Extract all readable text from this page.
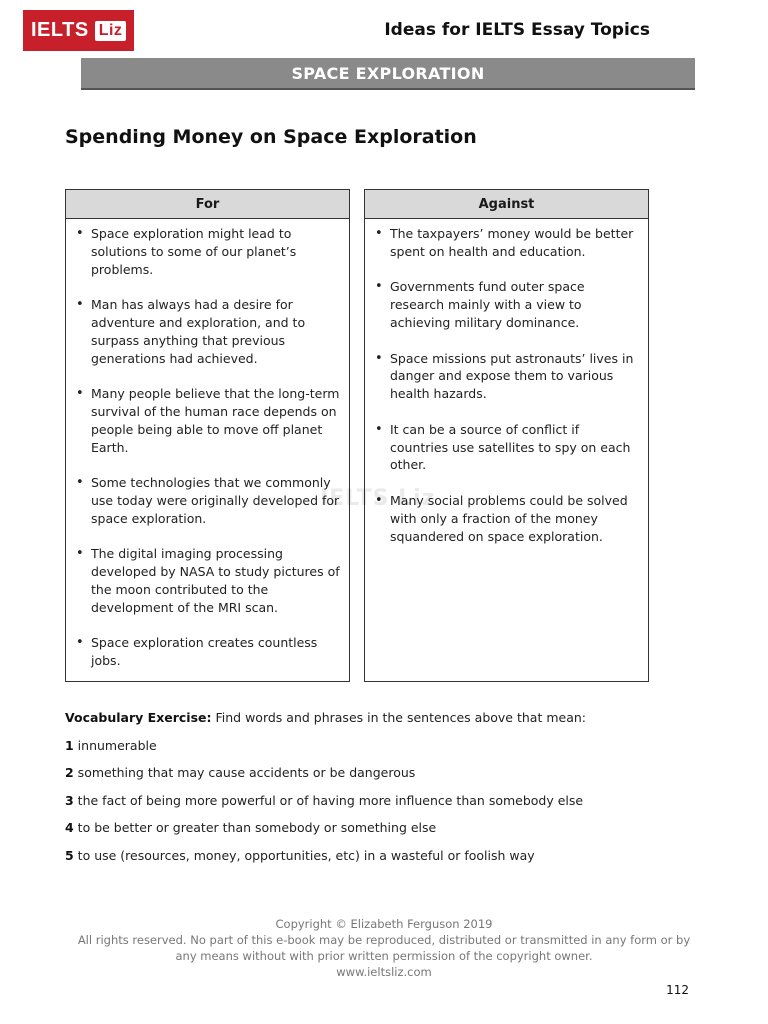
IELTS Liz	Ideas for IELTS Essay Topics
SPACE EXPLORATION
Spending Money on Space Exploration
For
• Space exploration might lead to solutions to some of our planet’s problems.
• Man has always had a desire for adventure and exploration, and to surpass anything that previous generations had achieved.
• Many people believe that the long-term survival of the human race depends on people being able to move off planet Earth.
• Some technologies that we commonly use today were originally developed for space exploration.
• The digital imaging processing developed by NASA to study pictures of the moon contributed to the development of the MRI scan.
• Space exploration creates countless jobs.
Against
• The taxpayers’ money would be better spent on health and education.
• Governments fund outer space research mainly with a view to achieving military dominance.
• Space missions put astronauts’ lives in danger and expose them to various health hazards.
• It can be a source of conflict if countries use satellites to spy on each other.
• Many social problems could be solved with only a fraction of the money squandered on space exploration.
IELTS Liz

Vocabulary Exercise: Find words and phrases in the sentences above that mean:

1 innumerable

2 something that may cause accidents or be dangerous

3 the fact of being more powerful or of having more influence than somebody else

4 to be better or greater than somebody or something else

5 to use (resources, money, opportunities, etc) in a wasteful or foolish way

Copyright © Elizabeth Ferguson 2019
All rights reserved. No part of this e-book may be reproduced, distributed or transmitted in any form or by
any means without with prior written permission of the copyright owner.
www.ieltsliz.com
112
